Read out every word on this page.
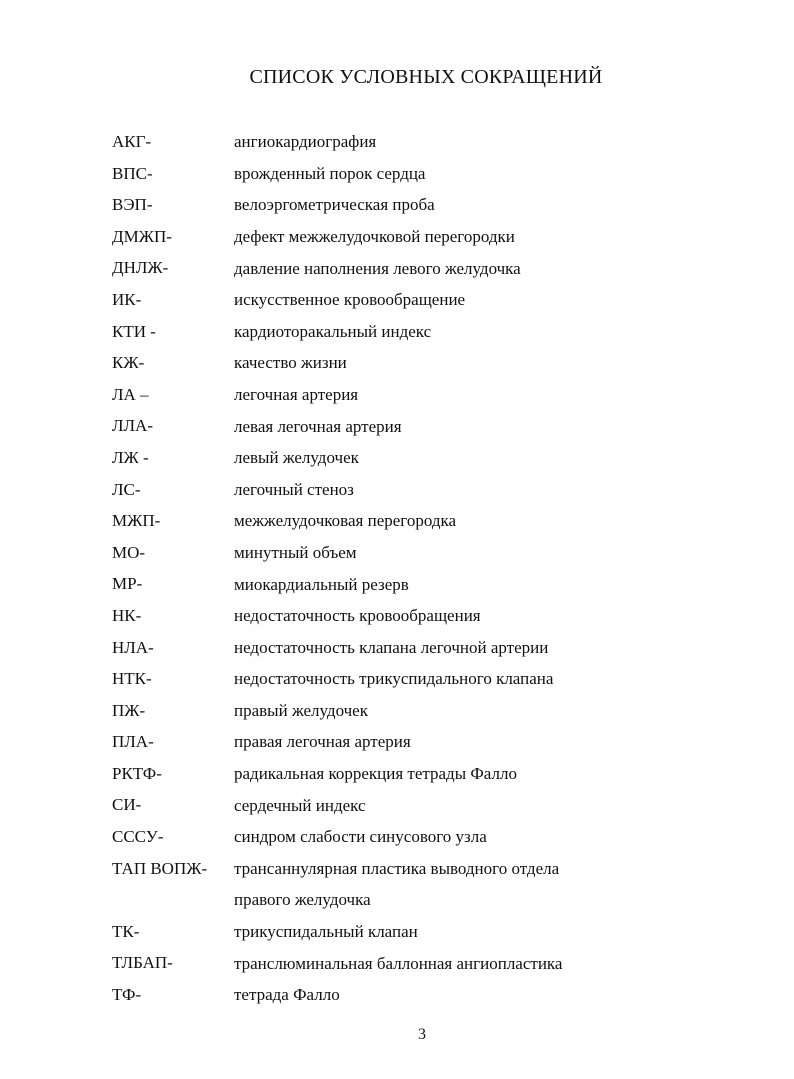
СПИСОК УСЛОВНЫХ СОКРАЩЕНИЙ
АКГ-	ангиокардиография
ВПС-	врожденный порок сердца
ВЭП-	велоэргометрическая проба
ДМЖП-	дефект межжелудочковой перегородки
ДНЛЖ-	давление наполнения левого желудочка
ИК-	искусственное кровообращение
КТИ -	кардиоторакальный индекс
КЖ-	качество жизни
ЛА –	легочная артерия
ЛЛА-	левая легочная артерия
ЛЖ -	левый желудочек
ЛС-	легочный стеноз
МЖП-	межжелудочковая перегородка
МО-	минутный объем
МР-	миокардиальный резерв
НК-	недостаточность кровообращения
НЛА-	недостаточность клапана легочной артерии
НТК-	недостаточность трикуспидального клапана
ПЖ-	правый желудочек
ПЛА-	правая легочная артерия
РКТФ-	радикальная коррекция тетрады Фалло
СИ-	сердечный индекс
СССУ-	синдром слабости синусового узла
ТАП ВОПЖ- трансаннулярная пластика выводного отдела правого желудочка
ТК-	трикуспидальный клапан
ТЛБАП-	транслюминальная баллонная ангиопластика
ТФ-	тетрада Фалло
3
